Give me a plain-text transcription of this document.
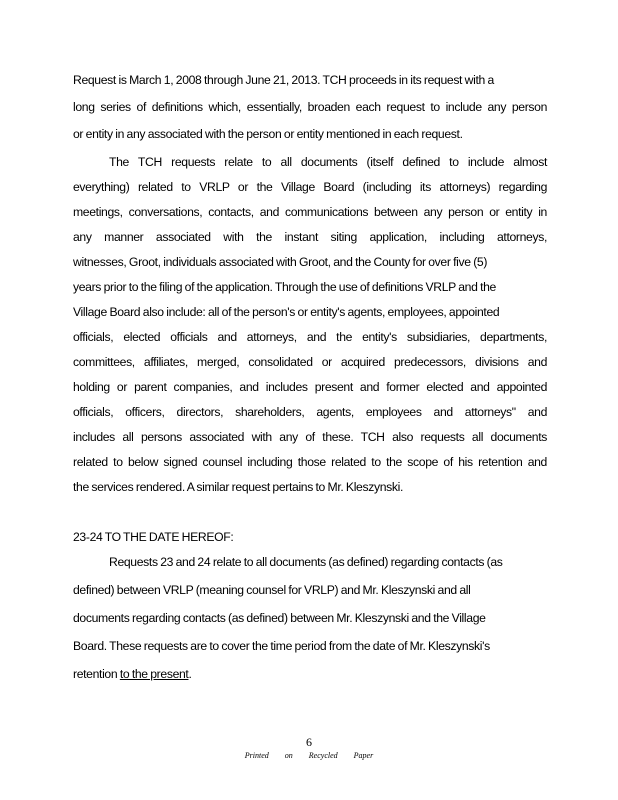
Request is March 1, 2008 through June 21, 2013. TCH proceeds in its request with a
long series of definitions which, essentially, broaden each request to include any person
or entity in any associated with the person or entity mentioned in each request.
The TCH requests relate to all documents (itself defined to include almost
everything) related to VRLP or the Village Board (including its attorneys) regarding
meetings, conversations, contacts, and communications between any person or entity in
any manner associated with the instant siting application, including attorneys,
witnesses, Groot, individuals associated with Groot, and the County for over five (5)
years prior to the filing of the application. Through the use of definitions VRLP and the
Village Board also include: all of the person's or entity's agents, employees, appointed
officials, elected officials and attorneys, and the entity's subsidiaries, departments,
committees, affiliates, merged, consolidated or acquired predecessors, divisions and
holding or parent companies, and includes present and former elected and appointed
officials, officers, directors, shareholders, agents, employees and attorneys" and
includes all persons associated with any of these. TCH also requests all documents
related to below signed counsel including those related to the scope of his retention and
the services rendered. A similar request pertains to Mr. Kleszynski.
23-24 TO THE DATE HEREOF:
Requests 23 and 24 relate to all documents (as defined) regarding contacts (as
defined) between VRLP (meaning counsel for VRLP) and Mr. Kleszynski and all
documents regarding contacts (as defined) between Mr. Kleszynski and the Village
Board. These requests are to cover the time period from the date of Mr. Kleszynski's
retention to the present.
6
Printed on Recycled Paper
